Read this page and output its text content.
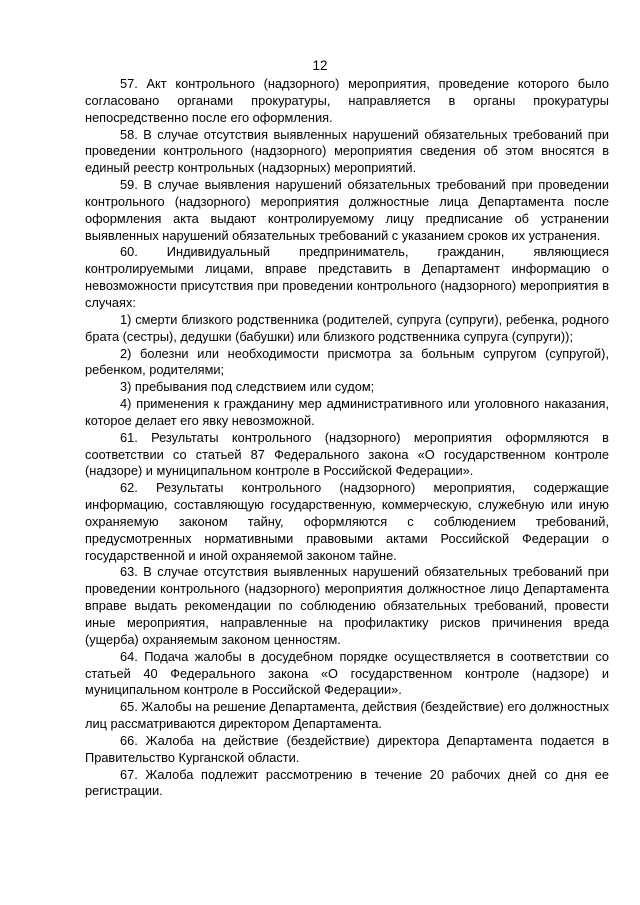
12

57. Акт контрольного (надзорного) мероприятия, проведение которого было согласовано органами прокуратуры, направляется в органы прокуратуры непосредственно после его оформления.

58. В случае отсутствия выявленных нарушений обязательных требований при проведении контрольного (надзорного) мероприятия сведения об этом вносятся в единый реестр контрольных (надзорных) мероприятий.

59. В случае выявления нарушений обязательных требований при проведении контрольного (надзорного) мероприятия должностные лица Департамента после оформления акта выдают контролируемому лицу предписание об устранении выявленных нарушений обязательных требований с указанием сроков их устранения.

60. Индивидуальный предприниматель, гражданин, являющиеся контролируемыми лицами, вправе представить в Департамент информацию о невозможности присутствия при проведении контрольного (надзорного) мероприятия в случаях:

1) смерти близкого родственника (родителей, супруга (супруги), ребенка, родного брата (сестры), дедушки (бабушки) или близкого родственника супруга (супруги));

2) болезни или необходимости присмотра за больным супругом (супругой), ребенком, родителями;

3) пребывания под следствием или судом;

4) применения к гражданину мер административного или уголовного наказания, которое делает его явку невозможной.

61. Результаты контрольного (надзорного) мероприятия оформляются в соответствии со статьей 87 Федерального закона «О государственном контроле (надзоре) и муниципальном контроле в Российской Федерации».

62. Результаты контрольного (надзорного) мероприятия, содержащие информацию, составляющую государственную, коммерческую, служебную или иную охраняемую законом тайну, оформляются с соблюдением требований, предусмотренных нормативными правовыми актами Российской Федерации о государственной и иной охраняемой законом тайне.

63. В случае отсутствия выявленных нарушений обязательных требований при проведении контрольного (надзорного) мероприятия должностное лицо Департамента вправе выдать рекомендации по соблюдению обязательных требований, провести иные мероприятия, направленные на профилактику рисков причинения вреда (ущерба) охраняемым законом ценностям.

64. Подача жалобы в досудебном порядке осуществляется в соответствии со статьей 40 Федерального закона «О государственном контроле (надзоре) и муниципальном контроле в Российской Федерации».

65. Жалобы на решение Департамента, действия (бездействие) его должностных лиц рассматриваются директором Департамента.

66. Жалоба на действие (бездействие) директора Департамента подается в Правительство Курганской области.

67. Жалоба подлежит рассмотрению в течение 20 рабочих дней со дня ее регистрации.
